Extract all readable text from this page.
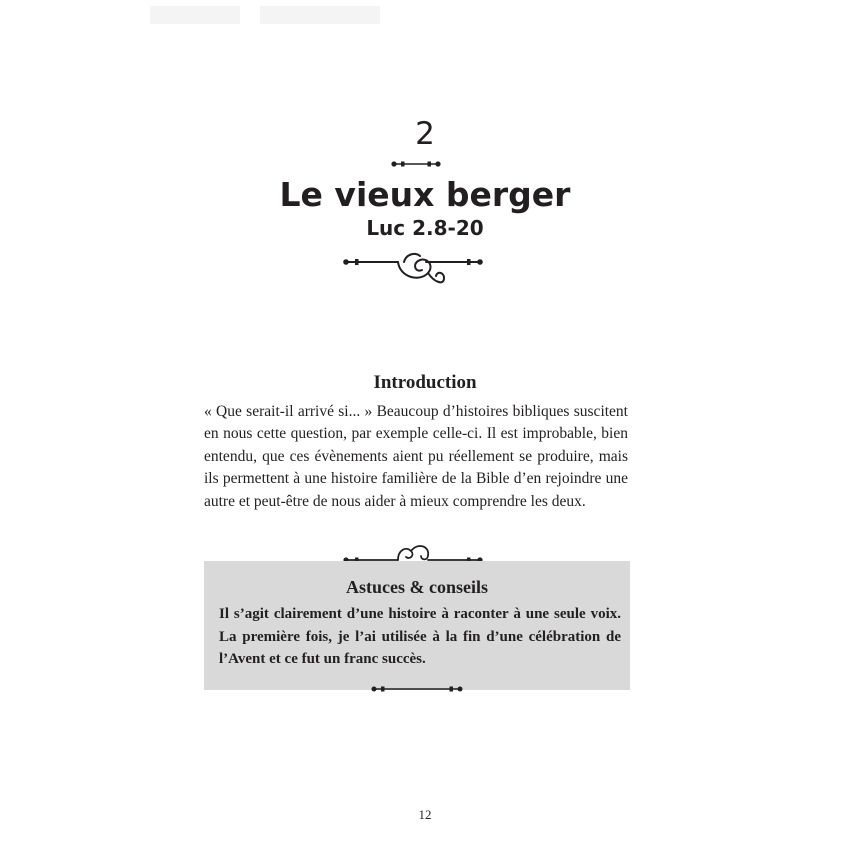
2
Le vieux berger
Luc 2.8-20
Introduction

« Que serait-il arrivé si... » Beaucoup d’histoires bibliques suscitent en nous cette question, par exemple celle-ci. Il est improbable, bien entendu, que ces évènements aient pu réellement se produire, mais ils permettent à une histoire familière de la Bible d’en rejoindre une autre et peut-être de nous aider à mieux comprendre les deux.

Astuces & conseils

Il s’agit clairement d’une histoire à raconter à une seule voix. La première fois, je l’ai utilisée à la fin d’une célébration de l’Avent et ce fut un franc succès.

12
